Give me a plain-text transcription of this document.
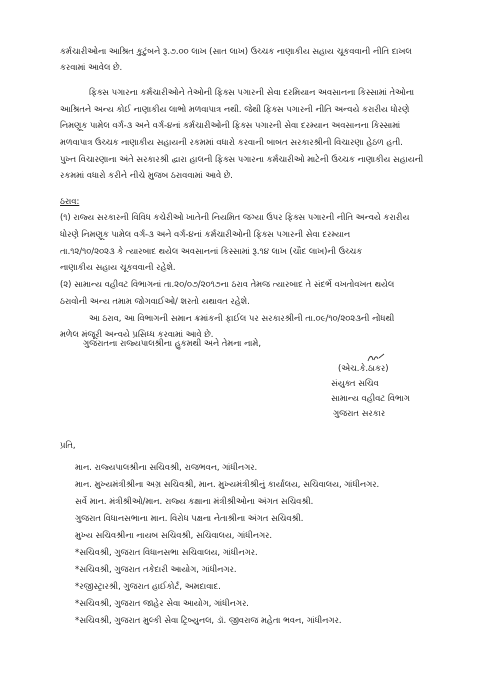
કર્મચારીઓના આશ્રિત કુટુંબને રૂ.૭.૦૦ લાખ (સાત લાખ) ઉચ્ચક નાણાકીય સહાય ચૂકવવાની નીતિ દાખલ
કરવામાં આવેલ છે.
ફિક્સ પગારના કર્મચારીઓને તેઓની ફિક્સ પગારની સેવા દરમિયાન અવસાનના કિસ્સામાં તેઓના
આશ્રિતને અન્ય કોઈ નાણાકીય લાભો મળવાપાત્ર નથી. જેથી ફિક્સ પગારની નીતિ અન્વયે કરારીય ધોરણે
નિમણૂક પામેલ વર્ગ-૩ અને વર્ગ-૪નાં કર્મચારીઓની ફિક્સ પગારની સેવા દરમ્યાન અવસાનના કિસ્સામાં
મળવાપાત્ર ઉચ્ચક નાણાકીય સહાયની રકમમાં વધારો કરવાની બાબત સરકારશ્રીની વિચારણા હેઠળ હતી.
પુખ્ત વિચારણાના અંતે સરકારશ્રી દ્વારા હાલની ફિક્સ પગારના કર્મચારીઓ માટેની ઉચ્ચક નાણાકીય સહાયની
રકમમાં વધારો કરીને નીચે મુજબ ઠરાવવામાં આવે છે.
ઠરાવ:
(૧) રાજ્ય સરકારની વિવિધ કચેરીઓ ખાતેની નિયમિત જગ્યા ઉપર ફિક્સ પગારની નીતિ અન્વયે કરારીય
ધોરણે નિમણૂક પામેલ વર્ગ-૩ અને વર્ગ-૪નાં કર્મચારીઓની ફિક્સ પગારની સેવા દરમ્યાન
તા.૧૨/૧૦/૨૦૨૩ કે ત્યારબાદ થયેલ અવસાનનાં કિસ્સામાં રૂ.૧૪ લાખ (ચૌદ લાખ)ની ઉચ્ચક
નાણાકીય સહાય ચૂકવવાની રહેશે.
(૨) સામાન્ય વહીવટ વિભાગનાં તા.૨૦/૦૭/૨૦૧૭ના ઠરાવ તેમજ ત્યારબાદ તે સંદર્ભે વખતોવખત થયેલ
ઠરાવોની અન્ય તમામ જોગવાઈઓ/ શરતો યથાવત રહેશે.
આ ઠરાવ, આ વિભાગની સમાન ક્રમાંકની ફાઈલ પર સરકારશ્રીની તા.૦૯/૧૦/૨૦૨૩ની નોંધથી
મળેલ મંજૂરી અન્વયે પ્રસિધ્ધ કરવામાં આવે છે.
ગુજરાતના રાજ્યપાલશ્રીના હુકમથી અને તેમના નામે,
(એચ.કે.ઠાકર)
સંયુક્ત સચિવ
સામાન્ય વહીવટ વિભાગ
ગુજરાત સરકાર
પ્રતિ,
માન. રાજ્યપાલશ્રીના સચિવશ્રી, રાજભવન, ગાંધીનગર.
માન. મુખ્યમંત્રીશ્રીના અગ્ર સચિવશ્રી, માન. મુખ્યમંત્રીશ્રીનું કાર્યાલય, સચિવાલય, ગાંધીનગર.
સર્વે માન. મંત્રીશ્રીઓ/માન. રાજ્ય કક્ષાના મંત્રીશ્રીઓના અંગત સચિવશ્રી.
ગુજરાત વિધાનસભાના માન. વિરોધ પક્ષના નેતાશ્રીના અંગત સચિવશ્રી.
મુખ્ય સચિવશ્રીના નાયબ સચિવશ્રી, સચિવાલય, ગાંધીનગર.
*સચિવશ્રી, ગુજરાત વિધાનસભા સચિવાલય, ગાંધીનગર.
*સચિવશ્રી, ગુજરાત તકેદારી આયોગ, ગાંધીનગર.
*રજીસ્ટ્રારશ્રી, ગુજરાત હાઈકોર્ટ, અમદાવાદ.
*સચિવશ્રી, ગુજરાત જાહેર સેવા આયોગ, ગાંધીનગર.
*સચિવશ્રી, ગુજરાત મુલ્કી સેવા ટ્રિબ્યુનલ, ડૉ. જીવરાજ મહેતા ભવન, ગાંધીનગર.
